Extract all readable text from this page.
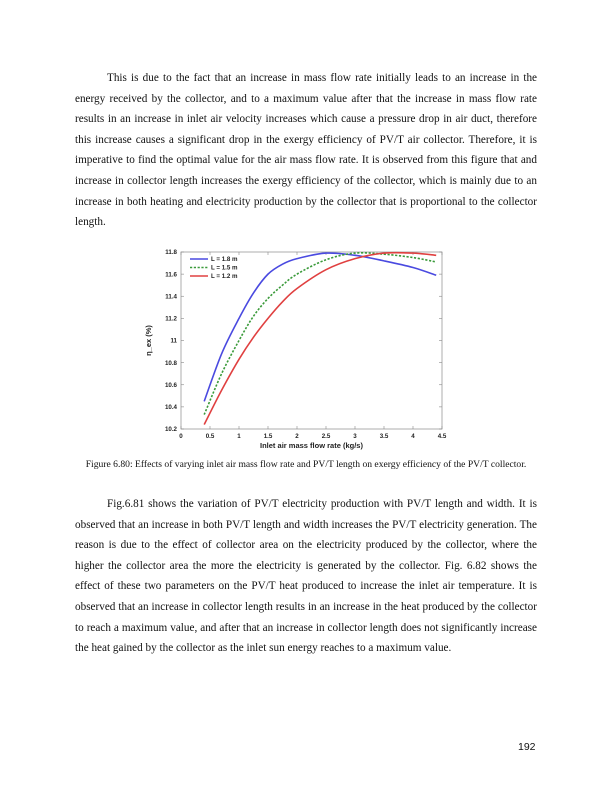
This is due to the fact that an increase in mass flow rate initially leads to an increase in the energy received by the collector, and to a maximum value after that the increase in mass flow rate results in an increase in inlet air velocity increases which cause a pressure drop in air duct, therefore this increase causes a significant drop in the exergy efficiency of PV/T air collector. Therefore, it is imperative to find the optimal value for the air mass flow rate. It is observed from this figure that and increase in collector length increases the exergy efficiency of the collector, which is mainly due to an increase in both heating and electricity production by the collector that is proportional to the collector length.

0	0.5	1	1.5	2	2.5	3	3.5	4	4.5
10.2
10.4
10.6
10.8
11
11.2
11.4
11.6
11.8
Inlet air mass flow rate (kg/s)
η_ex (%)
L = 1.8 m
L = 1.5 m
L = 1.2 m

Figure 6.80: Effects of varying inlet air mass flow rate and PV/T length on exergy efficiency of the PV/T collector.

Fig.6.81 shows the variation of PV/T electricity production with PV/T length and width. It is observed that an increase in both PV/T length and width increases the PV/T electricity generation. The reason is due to the effect of collector area on the electricity produced by the collector, where the higher the collector area the more the electricity is generated by the collector. Fig. 6.82 shows the effect of these two parameters on the PV/T heat produced to increase the inlet air temperature. It is observed that an increase in collector length results in an increase in the heat produced by the collector to reach a maximum value, and after that an increase in collector length does not significantly increase the heat gained by the collector as the inlet sun energy reaches to a maximum value.

192
